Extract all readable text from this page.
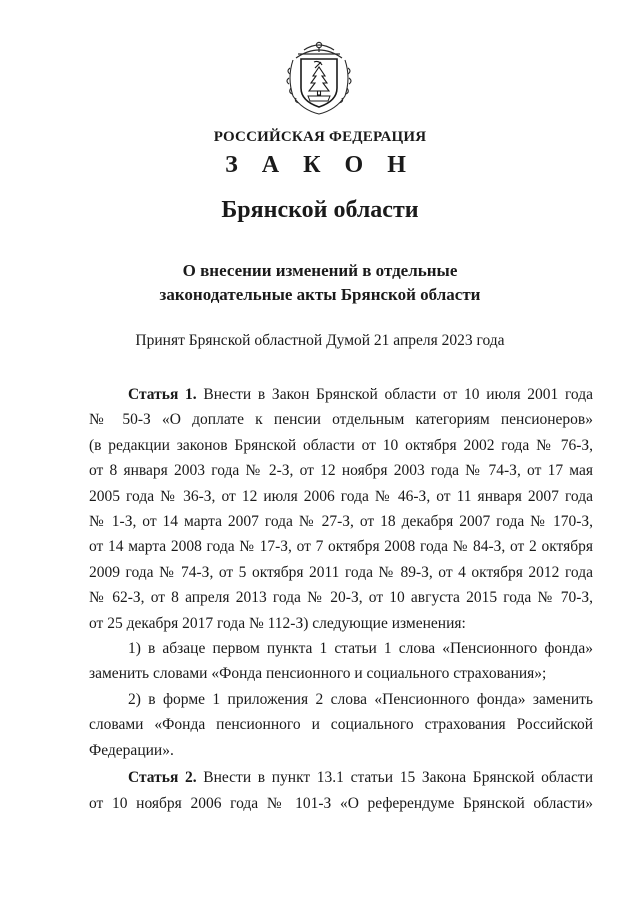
РОССИЙСКАЯ ФЕДЕРАЦИЯ
З А К О Н
Брянской области
О внесении изменений в отдельные
законодательные акты Брянской области
Принят Брянской областной Думой 21 апреля 2023 года
Статья 1. Внести в Закон Брянской области от 10 июля 2001 года
№ 50-З «О доплате к пенсии отдельным категориям пенсионеров»
(в редакции законов Брянской области от 10 октября 2002 года № 76-З,
от 8 января 2003 года № 2-З, от 12 ноября 2003 года № 74-З, от 17 мая
2005 года № 36-З, от 12 июля 2006 года № 46-З, от 11 января 2007 года
№ 1-З, от 14 марта 2007 года № 27-З, от 18 декабря 2007 года № 170-З,
от 14 марта 2008 года № 17-З, от 7 октября 2008 года № 84-З, от 2 октября
2009 года № 74-З, от 5 октября 2011 года № 89-З, от 4 октября 2012 года
№ 62-З, от 8 апреля 2013 года № 20-З, от 10 августа 2015 года № 70-З,
от 25 декабря 2017 года № 112-З) следующие изменения:
1) в абзаце первом пункта 1 статьи 1 слова «Пенсионного фонда»
заменить словами «Фонда пенсионного и социального страхования»;
2) в форме 1 приложения 2 слова «Пенсионного фонда» заменить
словами «Фонда пенсионного и социального страхования Российской
Федерации».
Статья 2. Внести в пункт 13.1 статьи 15 Закона Брянской области
от 10 ноября 2006 года № 101-З «О референдуме Брянской области»
